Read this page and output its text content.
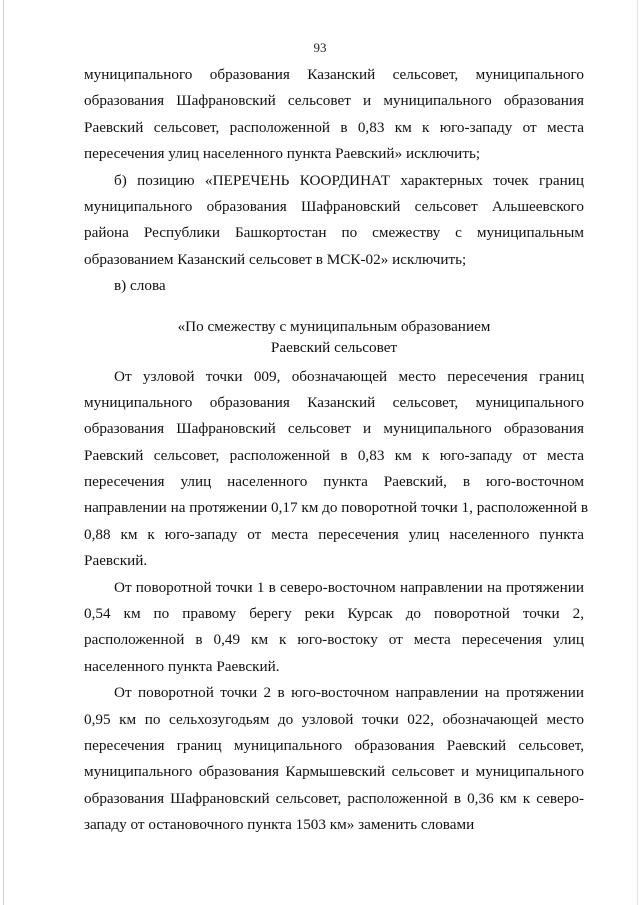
93
муниципального образования Казанский сельсовет, муниципального
образования Шафрановский сельсовет и муниципального образования
Раевский сельсовет, расположенной в 0,83 км к юго-западу от места
пересечения улиц населенного пункта Раевский» исключить;
б) позицию «ПЕРЕЧЕНЬ КООРДИНАТ характерных точек границ
муниципального образования Шафрановский сельсовет Альшеевского
района Республики Башкортостан по смежеству с муниципальным
образованием Казанский сельсовет в МСК-02» исключить;
в) слова
«По смежеству с муниципальным образованием
Раевский сельсовет
От узловой точки 009, обозначающей место пересечения границ
муниципального образования Казанский сельсовет, муниципального
образования Шафрановский сельсовет и муниципального образования
Раевский сельсовет, расположенной в 0,83 км к юго-западу от места
пересечения улиц населенного пункта Раевский, в юго-восточном
направлении на протяжении 0,17 км до поворотной точки 1, расположенной в
0,88 км к юго-западу от места пересечения улиц населенного пункта
Раевский.
От поворотной точки 1 в северо-восточном направлении на протяжении
0,54 км по правому берегу реки Курсак до поворотной точки 2,
расположенной в 0,49 км к юго-востоку от места пересечения улиц
населенного пункта Раевский.
От поворотной точки 2 в юго-восточном направлении на протяжении
0,95 км по сельхозугодьям до узловой точки 022, обозначающей место
пересечения границ муниципального образования Раевский сельсовет,
муниципального образования Кармышевский сельсовет и муниципального
образования Шафрановский сельсовет, расположенной в 0,36 км к северо-
западу от остановочного пункта 1503 км» заменить словами
